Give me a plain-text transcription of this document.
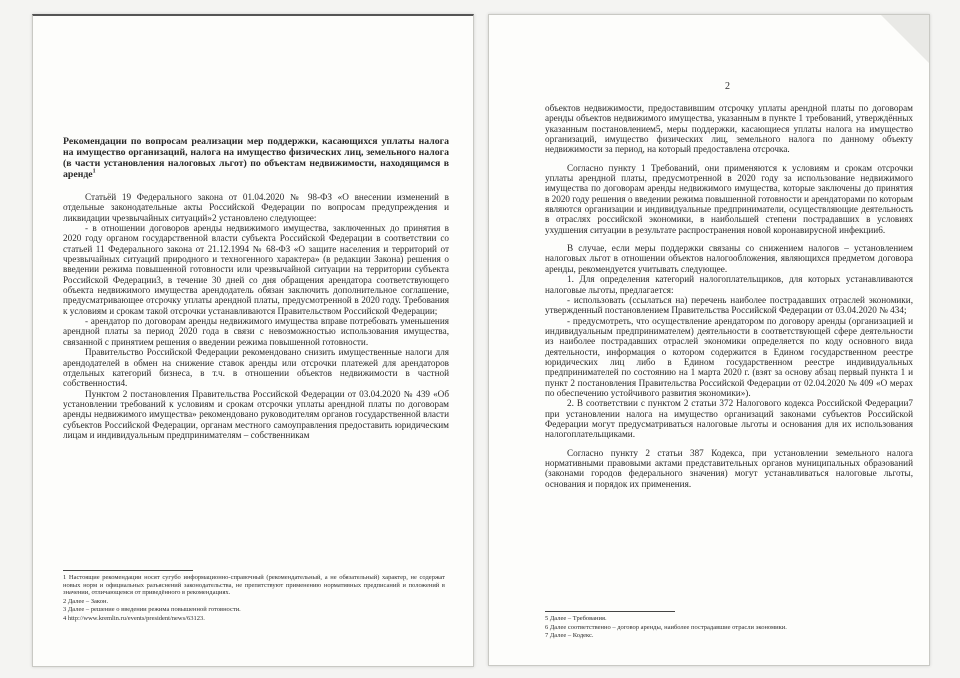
Рекомендации по вопросам реализации мер поддержки, касающихся уплаты налога на имущество организаций, налога на имущество физических лиц, земельного налога (в части установления налоговых льгот) по объектам недвижимости, находящимся в аренде$^1$

Статьёй 19 Федерального закона от 01.04.2020 № 98-ФЗ «О внесении изменений в отдельные законодательные акты Российской Федерации по вопросам предупреждения и ликвидации чрезвычайных ситуаций»2 установлено следующее:

- в отношении договоров аренды недвижимого имущества, заключенных до принятия в 2020 году органом государственной власти субъекта Российской Федерации в соответствии со статьей 11 Федерального закона от 21.12.1994 № 68-ФЗ «О защите населения и территорий от чрезвычайных ситуаций природного и техногенного характера» (в редакции Закона) решения о введении режима повышенной готовности или чрезвычайной ситуации на территории субъекта Российской Федерации3, в течение 30 дней со дня обращения арендатора соответствующего объекта недвижимого имущества арендодатель обязан заключить дополнительное соглашение, предусматривающее отсрочку уплаты арендной платы, предусмотренной в 2020 году. Требования к условиям и срокам такой отсрочки устанавливаются Правительством Российской Федерации;

- арендатор по договорам аренды недвижимого имущества вправе потребовать уменьшения арендной платы за период 2020 года в связи с невозможностью использования имущества, связанной с принятием решения о введении режима повышенной готовности.

Правительство Российской Федерации рекомендовано снизить имущественные налоги для арендодателей в обмен на снижение ставок аренды или отсрочки платежей для арендаторов отдельных категорий бизнеса, в т.ч. в отношении объектов недвижимости в частной собственности4.

Пунктом 2 постановления Правительства Российской Федерации от 03.04.2020 № 439 «Об установлении требований к условиям и срокам отсрочки уплаты арендной платы по договорам аренды недвижимого имущества» рекомендовано руководителям органов государственной власти субъектов Российской Федерации, органам местного самоуправления предоставить юридическим лицам и индивидуальным предпринимателям – собственникам

1 Настоящие рекомендации носят сугубо информационно-справочный (рекомендательный, а не обязательный) характер, не содержат новых норм и официальных разъяснений законодательства, не препятствуют применению нормативных предписаний и положений в значении, отличающемся от приведённого в рекомендациях.
2 Далее – Закон.
3 Далее – решение о введении режима повышенной готовности.
4 http://www.kremlin.ru/events/president/news/63123.
2

объектов недвижимости, предоставившим отсрочку уплаты арендной платы по договорам аренды объектов недвижимого имущества, указанным в пункте 1 требований, утверждённых указанным постановлением5, меры поддержки, касающиеся уплаты налога на имущество организаций, имущество физических лиц, земельного налога по данному объекту недвижимости за период, на который предоставлена отсрочка.

Согласно пункту 1 Требований, они применяются к условиям и срокам отсрочки уплаты арендной платы, предусмотренной в 2020 году за использование недвижимого имущества по договорам аренды недвижимого имущества, которые заключены до принятия в 2020 году решения о введении режима повышенной готовности и арендаторами по которым являются организации и индивидуальные предприниматели, осуществляющие деятельность в отраслях российской экономики, в наибольшей степени пострадавших в условиях ухудшения ситуации в результате распространения новой коронавирусной инфекции6.

В случае, если меры поддержки связаны со снижением налогов – установлением налоговых льгот в отношении объектов налогообложения, являющихся предметом договора аренды, рекомендуется учитывать следующее.

1. Для определения категорий налогоплательщиков, для которых устанавливаются налоговые льготы, предлагается:

- использовать (ссылаться на) перечень наиболее пострадавших отраслей экономики, утвержденный постановлением Правительства Российской Федерации от 03.04.2020 № 434;

- предусмотреть, что осуществление арендатором по договору аренды (организацией и индивидуальным предпринимателем) деятельности в соответствующей сфере деятельности из наиболее пострадавших отраслей экономики определяется по коду основного вида деятельности, информация о котором содержится в Едином государственном реестре юридических лиц либо в Едином государственном реестре индивидуальных предпринимателей по состоянию на 1 марта 2020 г. (взят за основу абзац первый пункта 1 и пункт 2 постановления Правительства Российской Федерации от 02.04.2020 № 409 «О мерах по обеспечению устойчивого развития экономики»).

2. В соответствии с пунктом 2 статьи 372 Налогового кодекса Российской Федерации7 при установлении налога на имущество организаций законами субъектов Российской Федерации могут предусматриваться налоговые льготы и основания для их использования налогоплательщиками.

Согласно пункту 2 статьи 387 Кодекса, при установлении земельного налога нормативными правовыми актами представительных органов муниципальных образований (законами городов федерального значения) могут устанавливаться налоговые льготы, основания и порядок их применения.

5 Далее – Требования.
6 Далее соответственно – договор аренды, наиболее пострадавшие отрасли экономики.
7 Далее – Кодекс.
